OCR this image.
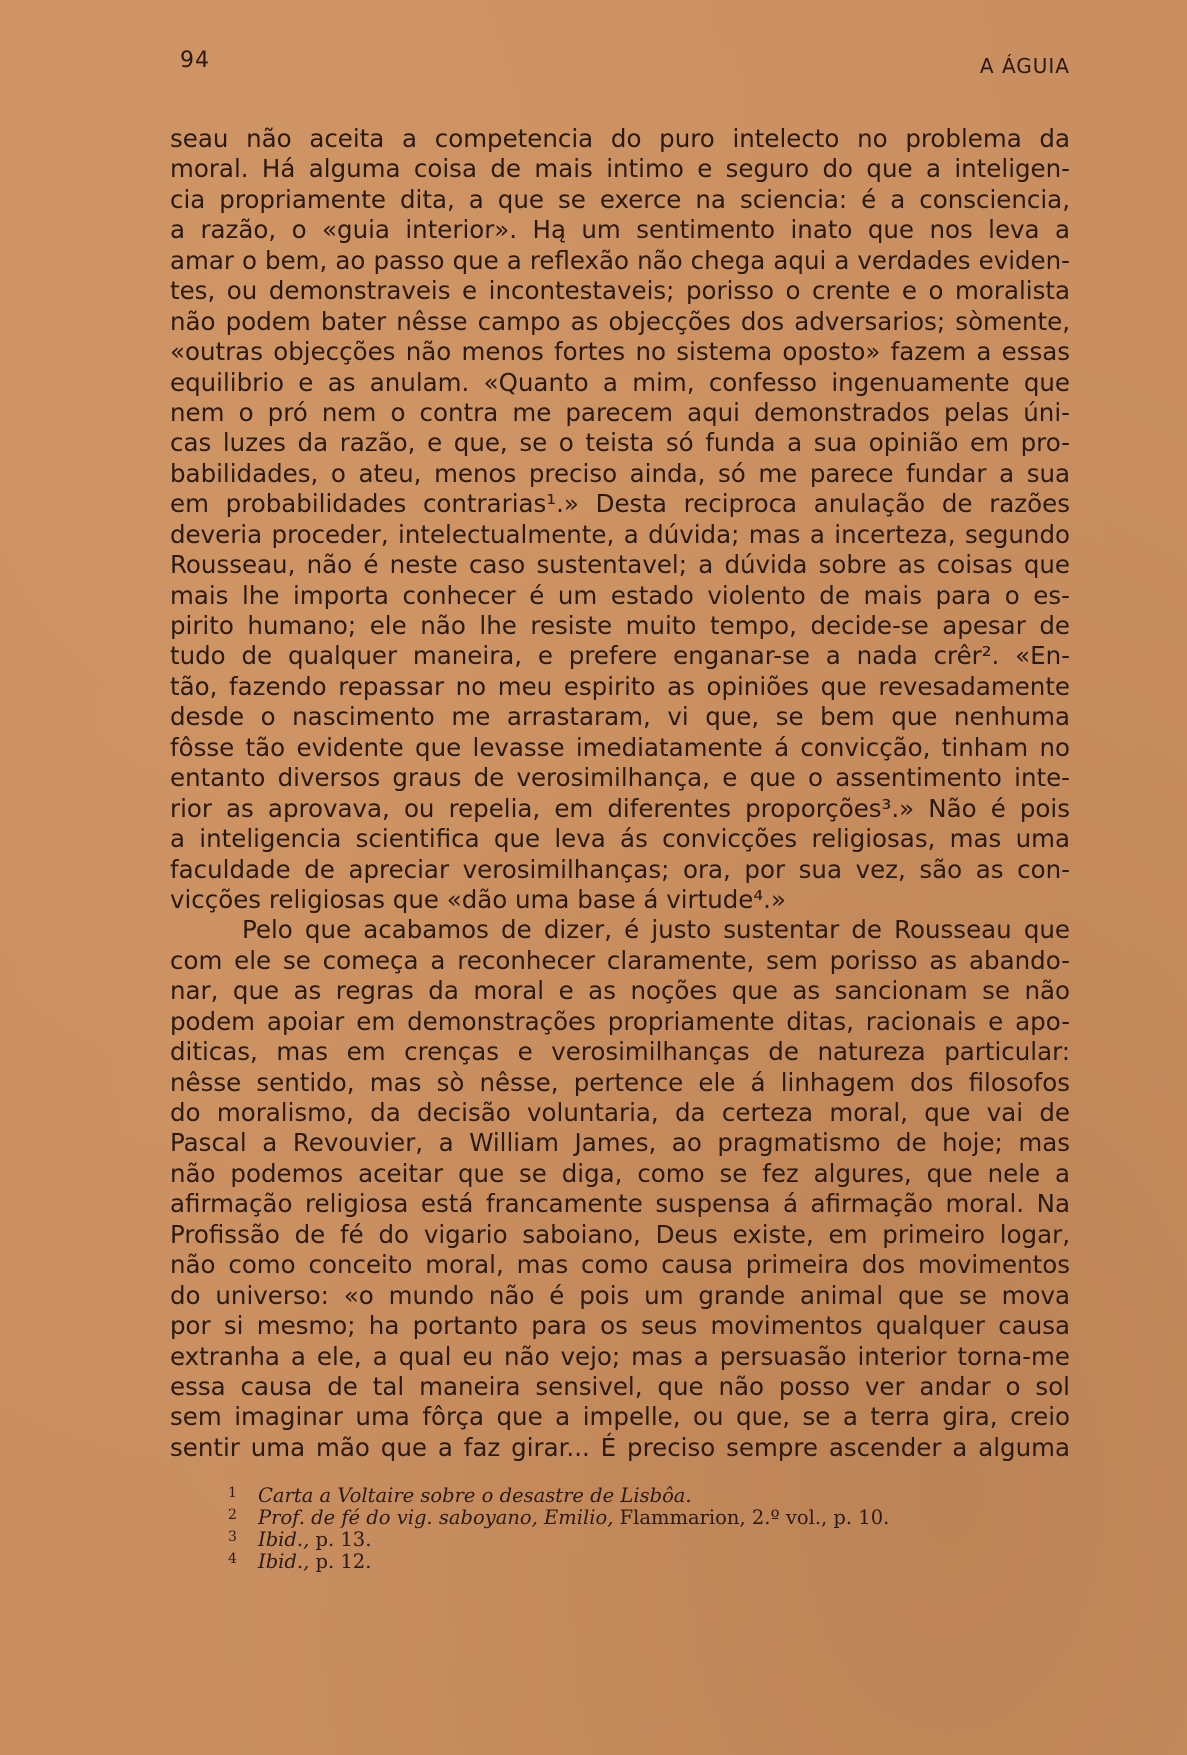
94	A ÁGUIA
seau não aceita a competencia do puro intelecto no problema da
moral. Há alguma coisa de mais intimo e seguro do que a inteligen-
cia propriamente dita, a que se exerce na sciencia: é a consciencia,
a razão, o «guia interior». Hą um sentimento inato que nos leva a
amar o bem, ao passo que a reflexão não chega aqui a verdades eviden-
tes, ou demonstraveis e incontestaveis; porisso o crente e o moralista
não podem bater nêsse campo as objecções dos adversarios; sòmente,
«outras objecções não menos fortes no sistema oposto» fazem a essas
equilibrio e as anulam. «Quanto a mim, confesso ingenuamente que
nem o pró nem o contra me parecem aqui demonstrados pelas úni-
cas luzes da razão, e que, se o teista só funda a sua opinião em pro-
babilidades, o ateu, menos preciso ainda, só me parece fundar a sua
em probabilidades contrarias¹.» Desta reciproca anulação de razões
deveria proceder, intelectualmente, a dúvida; mas a incerteza, segundo
Rousseau, não é neste caso sustentavel; a dúvida sobre as coisas que
mais lhe importa conhecer é um estado violento de mais para o es-
pirito humano; ele não lhe resiste muito tempo, decide-se apesar de
tudo de qualquer maneira, e prefere enganar-se a nada crêr². «En-
tão, fazendo repassar no meu espirito as opiniões que revesadamente
desde o nascimento me arrastaram, vi que, se bem que nenhuma
fôsse tão evidente que levasse imediatamente á convicção, tinham no
entanto diversos graus de verosimilhança, e que o assentimento inte-
rior as aprovava, ou repelia, em diferentes proporções³.» Não é pois
a inteligencia scientifica que leva ás convicções religiosas, mas uma
faculdade de apreciar verosimilhanças; ora, por sua vez, são as con-
vicções religiosas que «dão uma base á virtude⁴.»
Pelo que acabamos de dizer, é justo sustentar de Rousseau que
com ele se começa a reconhecer claramente, sem porisso as abando-
nar, que as regras da moral e as noções que as sancionam se não
podem apoiar em demonstrações propriamente ditas, racionais e apo-
diticas, mas em crenças e verosimilhanças de natureza particular:
nêsse sentido, mas sò nêsse, pertence ele á linhagem dos filosofos
do moralismo, da decisão voluntaria, da certeza moral, que vai de
Pascal a Revouvier, a William James, ao pragmatismo de hoje; mas
não podemos aceitar que se diga, como se fez algures, que nele a
afirmação religiosa está francamente suspensa á afirmação moral. Na
Profissão de fé do vigario saboiano, Deus existe, em primeiro logar,
não como conceito moral, mas como causa primeira dos movimentos
do universo: «o mundo não é pois um grande animal que se mova
por si mesmo; ha portanto para os seus movimentos qualquer causa
extranha a ele, a qual eu não vejo; mas a persuasão interior torna-me
essa causa de tal maneira sensivel, que não posso ver andar o sol
sem imaginar uma fôrça que a impelle, ou que, se a terra gira, creio
sentir uma mão que a faz girar... É preciso sempre ascender a alguma
1 Carta a Voltaire sobre o desastre de Lisbôa.
2 Prof. de fé do vig. saboyano, Emilio, Flammarion, 2.º vol., p. 10.
3 Ibid., p. 13.
4 Ibid., p. 12.
